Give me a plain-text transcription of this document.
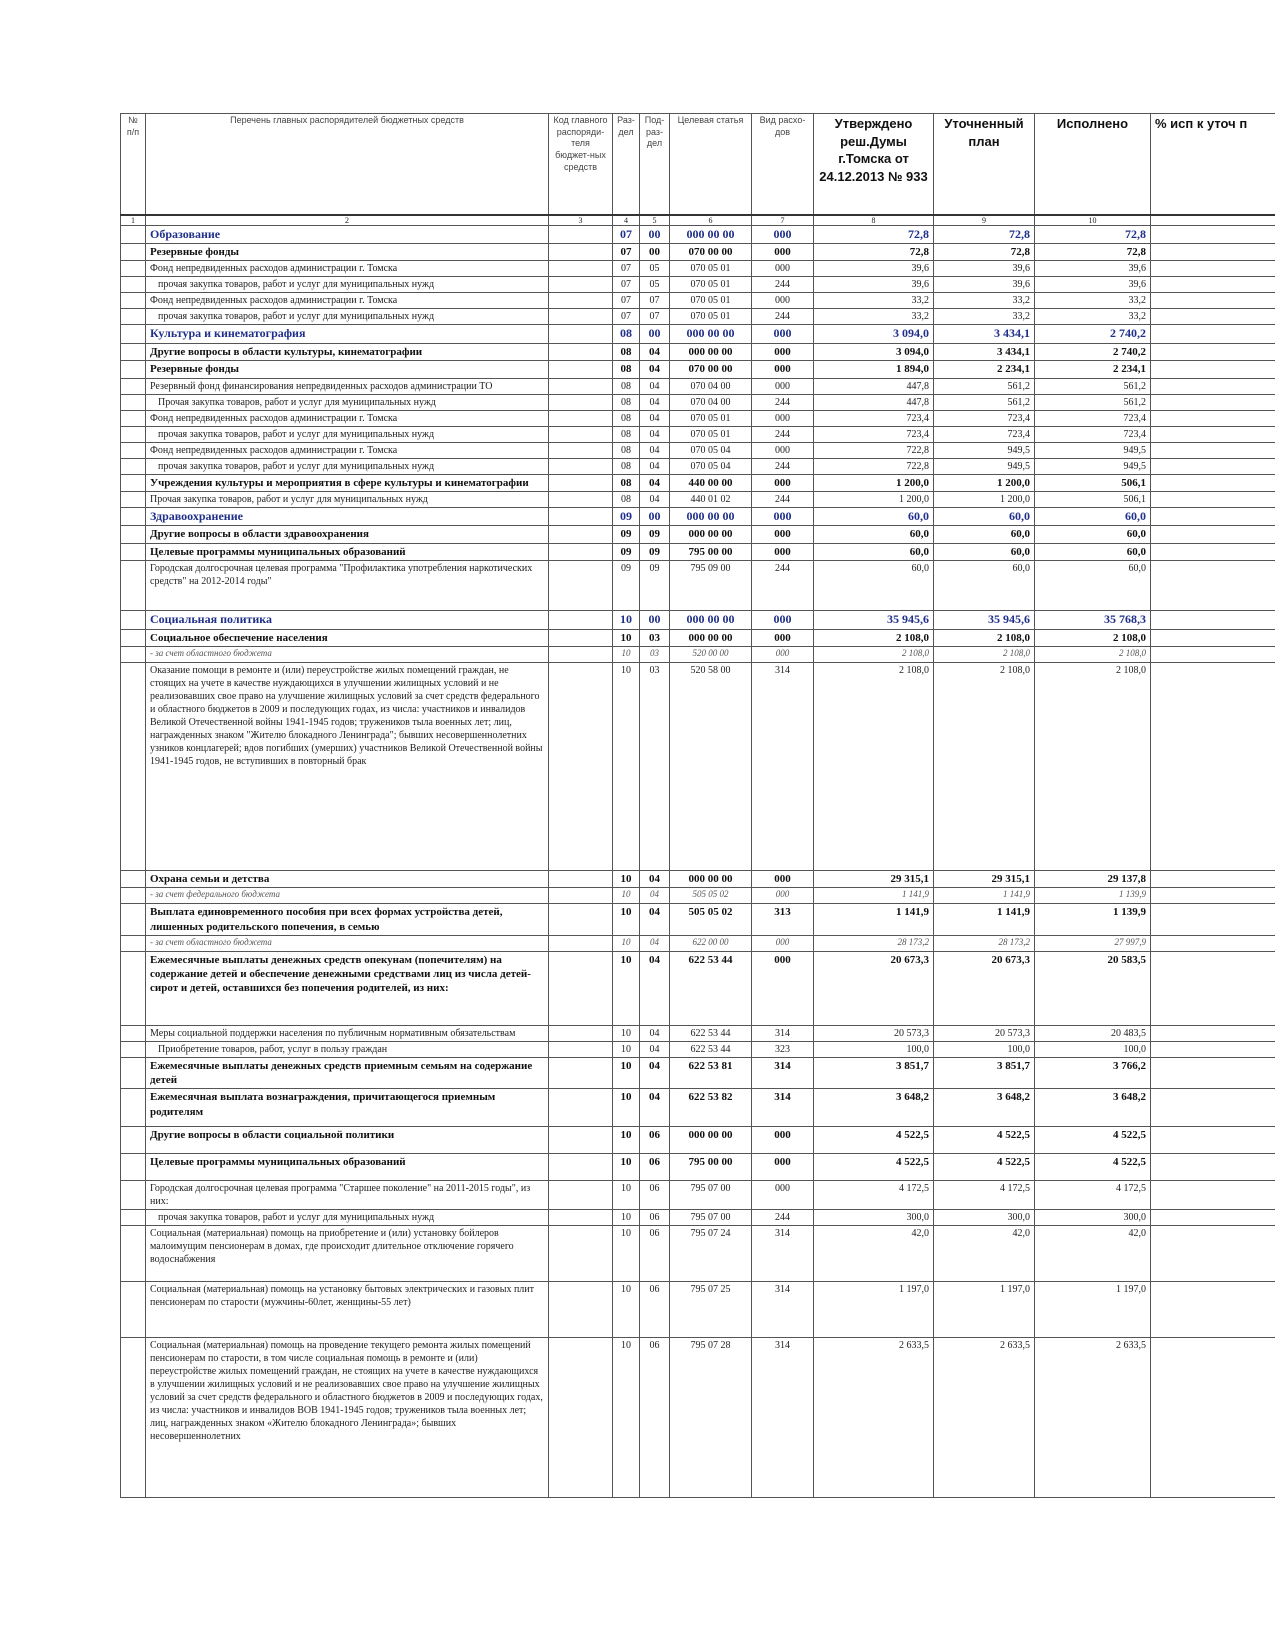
№ п/п	Перечень главных распорядителей бюджетных средств	Код главного распоряди-теля бюджет-ных средств	Раз-дел	Под-раз-дел	Целевая статья	Вид расхо-дов	Утверждено реш.Думы г.Томска от 24.12.2013 № 933	Уточненный план	Исполнено	% исп к уточ п
1	2	3	4	5	6	7	8	9	10	
	Образование		07	00	000 00 00	000	72,8	72,8	72,8	
	Резервные фонды		07	00	070 00 00	000	72,8	72,8	72,8	
	Фонд непредвиденных расходов администрации г. Томска		07	05	070 05 01	000	39,6	39,6	39,6	
	прочая закупка товаров, работ и услуг для муниципальных нужд		07	05	070 05 01	244	39,6	39,6	39,6	
	Фонд непредвиденных расходов администрации г. Томска		07	07	070 05 01	000	33,2	33,2	33,2	
	прочая закупка товаров, работ и услуг для муниципальных нужд		07	07	070 05 01	244	33,2	33,2	33,2	
	Культура и кинематография		08	00	000 00 00	000	3 094,0	3 434,1	2 740,2	
	Другие вопросы в области культуры, кинематографии		08	04	000 00 00	000	3 094,0	3 434,1	2 740,2	
	Резервные фонды		08	04	070 00 00	000	1 894,0	2 234,1	2 234,1	
	Резервный фонд финансирования непредвиденных расходов администрации ТО		08	04	070 04 00	000	447,8	561,2	561,2	
	Прочая закупка товаров, работ и услуг для муниципальных нужд		08	04	070 04 00	244	447,8	561,2	561,2	
	Фонд непредвиденных расходов администрации г. Томска		08	04	070 05 01	000	723,4	723,4	723,4	
	прочая закупка товаров, работ и услуг для муниципальных нужд		08	04	070 05 01	244	723,4	723,4	723,4	
	Фонд непредвиденных расходов администрации г. Томска		08	04	070 05 04	000	722,8	949,5	949,5	
	прочая закупка товаров, работ и услуг для муниципальных нужд		08	04	070 05 04	244	722,8	949,5	949,5	
	Учреждения культуры и мероприятия в сфере культуры и кинематографии		08	04	440 00 00	000	1 200,0	1 200,0	506,1	
	Прочая закупка товаров, работ и услуг для муниципальных нужд		08	04	440 01 02	244	1 200,0	1 200,0	506,1	
	Здравоохранение		09	00	000 00 00	000	60,0	60,0	60,0	
	Другие вопросы в области здравоохранения		09	09	000 00 00	000	60,0	60,0	60,0	
	Целевые программы муниципальных образований		09	09	795 00 00	000	60,0	60,0	60,0	
	Городская долгосрочная целевая программа "Профилактика употребления наркотических средств" на 2012-2014 годы"		09	09	795 09 00	244	60,0	60,0	60,0	
	Социальная политика		10	00	000 00 00	000	35 945,6	35 945,6	35 768,3	
	Социальное обеспечение населения		10	03	000 00 00	000	2 108,0	2 108,0	2 108,0	
	- за счет областного бюджета		10	03	520 00 00	000	2 108,0	2 108,0	2 108,0	
	Оказание помощи в ремонте и (или) переустройстве жилых помещений граждан, не стоящих на учете в качестве нуждающихся в улучшении жилищных условий и не реализовавших свое право на улучшение жилищных условий за счет средств федерального и областного бюджетов в 2009 и последующих годах, из числа: участников и инвалидов Великой Отечественной войны 1941-1945 годов; тружеников тыла военных лет; лиц, награжденных знаком "Жителю блокадного Ленинграда"; бывших несовершеннолетних узников концлагерей; вдов погибших (умерших) участников Великой Отечественной войны 1941-1945 годов, не вступивших в повторный брак		10	03	520 58 00	314	2 108,0	2 108,0	2 108,0	
	Охрана семьи и детства		10	04	000 00 00	000	29 315,1	29 315,1	29 137,8	
	- за счет федерального бюджета		10	04	505 05 02	000	1 141,9	1 141,9	1 139,9	
	Выплата единовременного пособия при всех формах устройства детей, лишенных родительского попечения, в семью		10	04	505 05 02	313	1 141,9	1 141,9	1 139,9	
	- за счет областного бюджета		10	04	622 00 00	000	28 173,2	28 173,2	27 997,9	
	Ежемесячные выплаты денежных средств опекунам (попечителям) на содержание детей и обеспечение денежными средствами лиц из числа детей-сирот и детей, оставшихся без попечения родителей, из них:		10	04	622 53 44	000	20 673,3	20 673,3	20 583,5	
	Меры социальной поддержки населения по публичным нормативным обязательствам		10	04	622 53 44	314	20 573,3	20 573,3	20 483,5	
	Приобретение товаров, работ, услуг в пользу граждан		10	04	622 53 44	323	100,0	100,0	100,0	
	Ежемесячные выплаты денежных средств приемным семьям на содержание детей		10	04	622 53 81	314	3 851,7	3 851,7	3 766,2	
	Ежемесячная выплата вознаграждения, причитающегося приемным родителям		10	04	622 53 82	314	3 648,2	3 648,2	3 648,2	
	Другие вопросы в области социальной политики		10	06	000 00 00	000	4 522,5	4 522,5	4 522,5	
	Целевые программы муниципальных образований		10	06	795 00 00	000	4 522,5	4 522,5	4 522,5	
	Городская долгосрочная целевая программа "Старшее поколение" на 2011-2015 годы", из них:		10	06	795 07 00	000	4 172,5	4 172,5	4 172,5	
	прочая закупка товаров, работ и услуг для муниципальных нужд		10	06	795 07 00	244	300,0	300,0	300,0	
	Социальная (материальная) помощь на приобретение и (или) установку бойлеров малоимущим пенсионерам в домах, где происходит длительное отключение горячего водоснабжения		10	06	795 07 24	314	42,0	42,0	42,0	
	Социальная (материальная) помощь на установку бытовых электрических и газовых плит пенсионерам по старости (мужчины-60лет, женщины-55 лет)		10	06	795 07 25	314	1 197,0	1 197,0	1 197,0	
	Социальная (материальная) помощь на проведение текущего ремонта жилых помещений пенсионерам по старости, в том числе социальная помощь в ремонте и (или) переустройстве жилых помещений граждан, не стоящих на учете в качестве нуждающихся в улучшении жилищных условий и не реализовавших свое право на улучшение жилищных условий за счет средств федерального и областного бюджетов в 2009 и последующих годах, из числа: участников и инвалидов ВОВ 1941-1945 годов; тружеников тыла военных лет; лиц, награжденных знаком «Жителю блокадного Ленинграда»; бывших несовершеннолетних		10	06	795 07 28	314	2 633,5	2 633,5	2 633,5	
